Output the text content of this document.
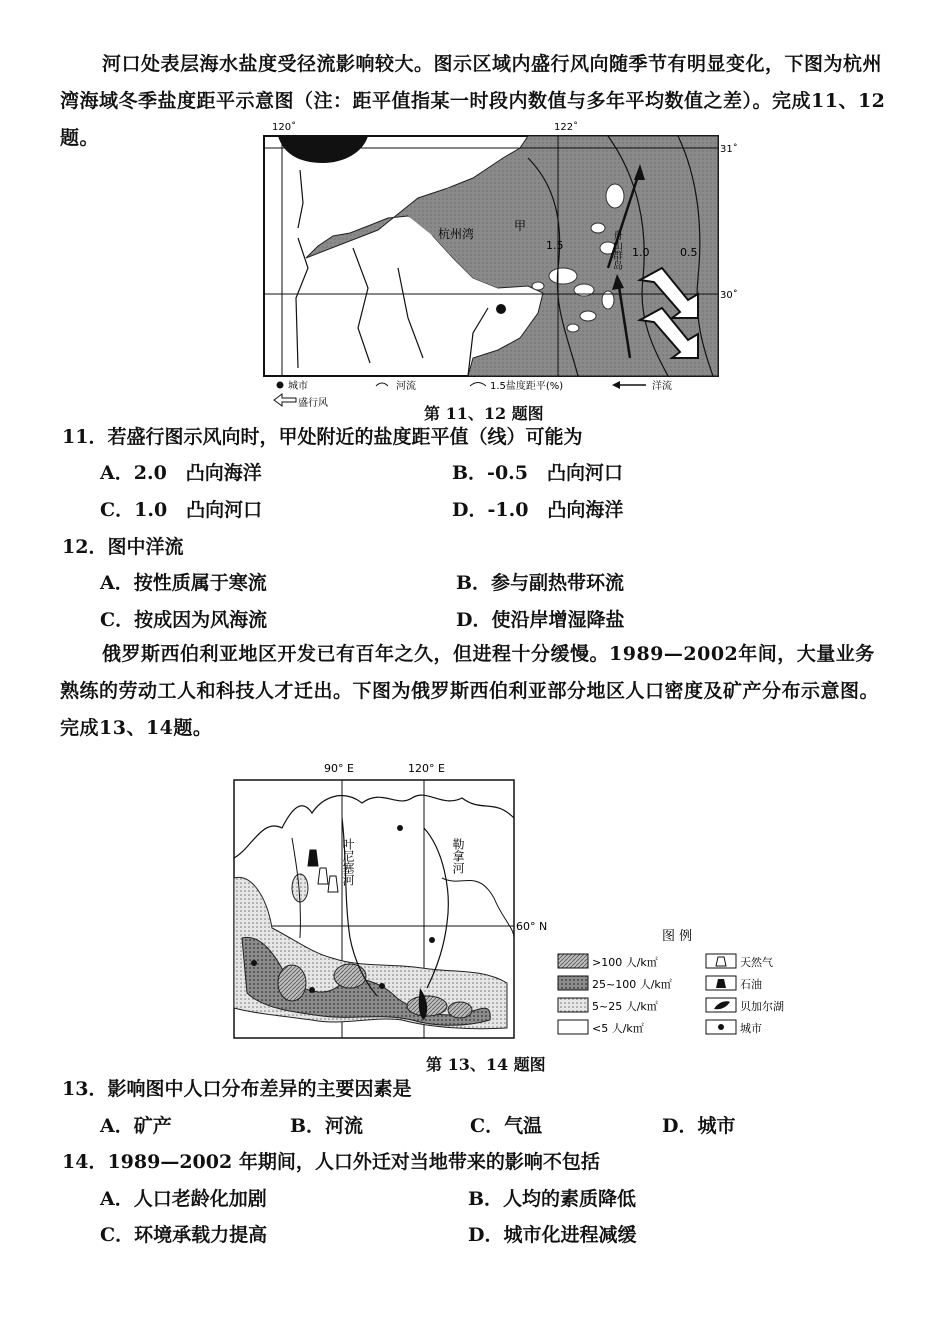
河口处表层海水盐度受径流影响较大。图示区域内盛行风向随季节有明显变化，下图为杭州湾海域冬季盐度距平示意图（注：距平值指某一时段内数值与多年平均数值之差）。完成11、12题。	120˚	122˚
31˚
30˚
杭州湾
甲
1.5
1.0	0.5
舟山群岛
城市	河流	1.5盐度距平(%)	洋流
盛行风
第 11、12 题图
11．若盛行图示风向时，甲处附近的盐度距平值（线）可能为
A．2.0　凸向海洋	B．-0.5　凸向河口
C．1.0　凸向河口	D．-1.0　凸向海洋
12．图中洋流
A．按性质属于寒流	B．参与副热带环流
C．按成因为风海流	D．使沿岸增湿降盐
俄罗斯西伯利亚地区开发已有百年之久，但进程十分缓慢。1989—2002年间，大量业务熟练的劳动工人和科技人才迁出。下图为俄罗斯西伯利亚部分地区人口密度及矿产分布示意图。完成13、14题。
90° E	120° E
60° N
叶尼塞河	勒拿河
图 例
>100 人/k㎡
25~100 人/k㎡
5~25 人/k㎡
<5 人/k㎡
天然气
石油
贝加尔湖
城市
第 13、14 题图
13．影响图中人口分布差异的主要因素是
A．矿产	B．河流	C．气温	D．城市
14．1989—2002 年期间，人口外迁对当地带来的影响不包括
A．人口老龄化加剧	B．人均的素质降低
C．环境承载力提高	D．城市化进程减缓
